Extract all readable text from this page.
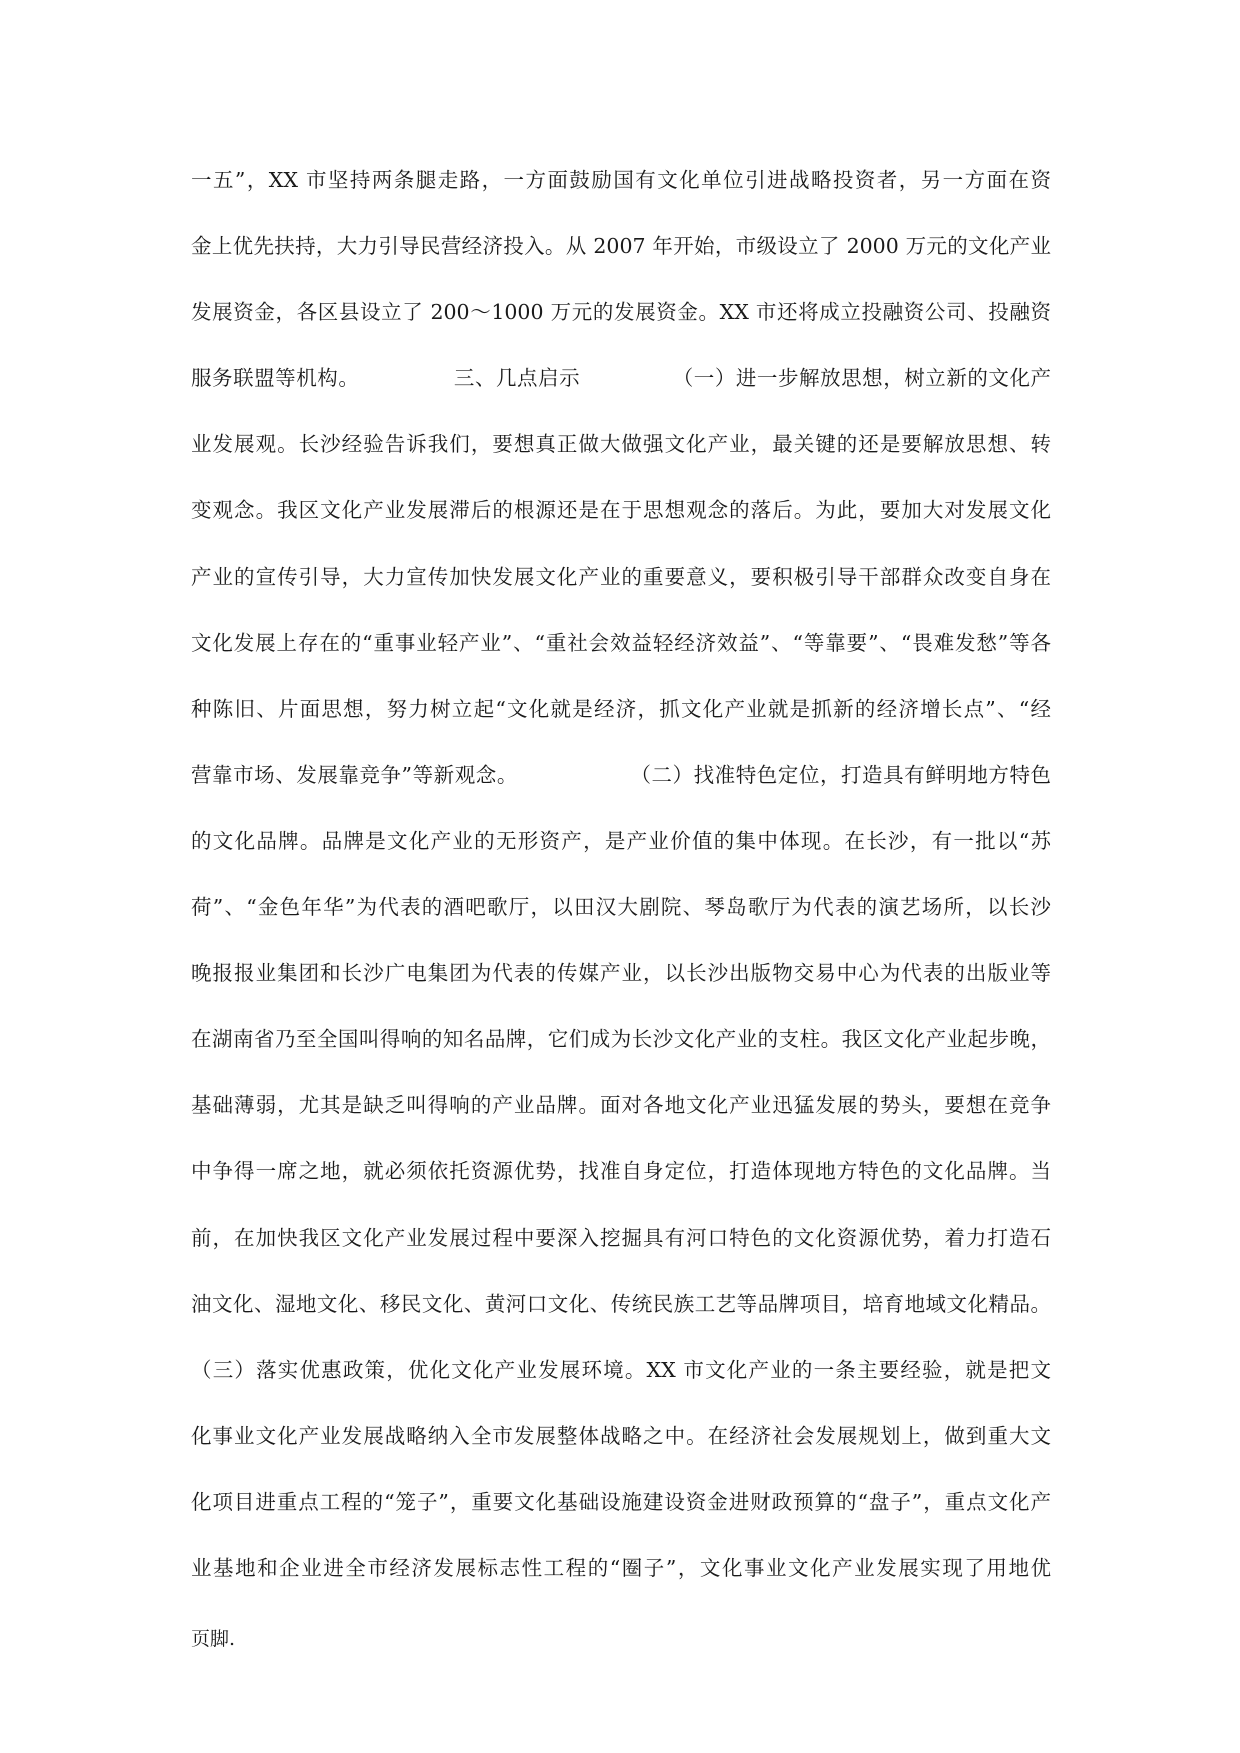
一五”，XX 市坚持两条腿走路，一方面鼓励国有文化单位引进战略投资者，另一方面在资
金上优先扶持，大力引导民营经济投入。从 2007 年开始，市级设立了 2000 万元的文化产业
发展资金，各区县设立了 200～1000 万元的发展资金。XX 市还将成立投融资公司、投融资
服务联盟等机构。	三、几点启示	（一）进一步解放思想，树立新的文化产
业发展观。长沙经验告诉我们，要想真正做大做强文化产业，最关键的还是要解放思想、转
变观念。我区文化产业发展滞后的根源还是在于思想观念的落后。为此，要加大对发展文化
产业的宣传引导，大力宣传加快发展文化产业的重要意义，要积极引导干部群众改变自身在
文化发展上存在的“重事业轻产业”、“重社会效益轻经济效益”、“等靠要”、“畏难发愁”等各
种陈旧、片面思想，努力树立起“文化就是经济，抓文化产业就是抓新的经济增长点”、“经
营靠市场、发展靠竞争”等新观念。	（二）找准特色定位，打造具有鲜明地方特色
的文化品牌。品牌是文化产业的无形资产，是产业价值的集中体现。在长沙，有一批以“苏
荷”、“金色年华”为代表的酒吧歌厅，以田汉大剧院、琴岛歌厅为代表的演艺场所，以长沙
晚报报业集团和长沙广电集团为代表的传媒产业，以长沙出版物交易中心为代表的出版业等
在湖南省乃至全国叫得响的知名品牌，它们成为长沙文化产业的支柱。我区文化产业起步晚，
基础薄弱，尤其是缺乏叫得响的产业品牌。面对各地文化产业迅猛发展的势头，要想在竞争
中争得一席之地，就必须依托资源优势，找准自身定位，打造体现地方特色的文化品牌。当
前，在加快我区文化产业发展过程中要深入挖掘具有河口特色的文化资源优势，着力打造石
油文化、湿地文化、移民文化、黄河口文化、传统民族工艺等品牌项目，培育地域文化精品。
（三）落实优惠政策，优化文化产业发展环境。XX 市文化产业的一条主要经验，就是把文
化事业文化产业发展战略纳入全市发展整体战略之中。在经济社会发展规划上，做到重大文
化项目进重点工程的“笼子”，重要文化基础设施建设资金进财政预算的“盘子”，重点文化产
业基地和企业进全市经济发展标志性工程的“圈子”，文化事业文化产业发展实现了用地优
页脚.
